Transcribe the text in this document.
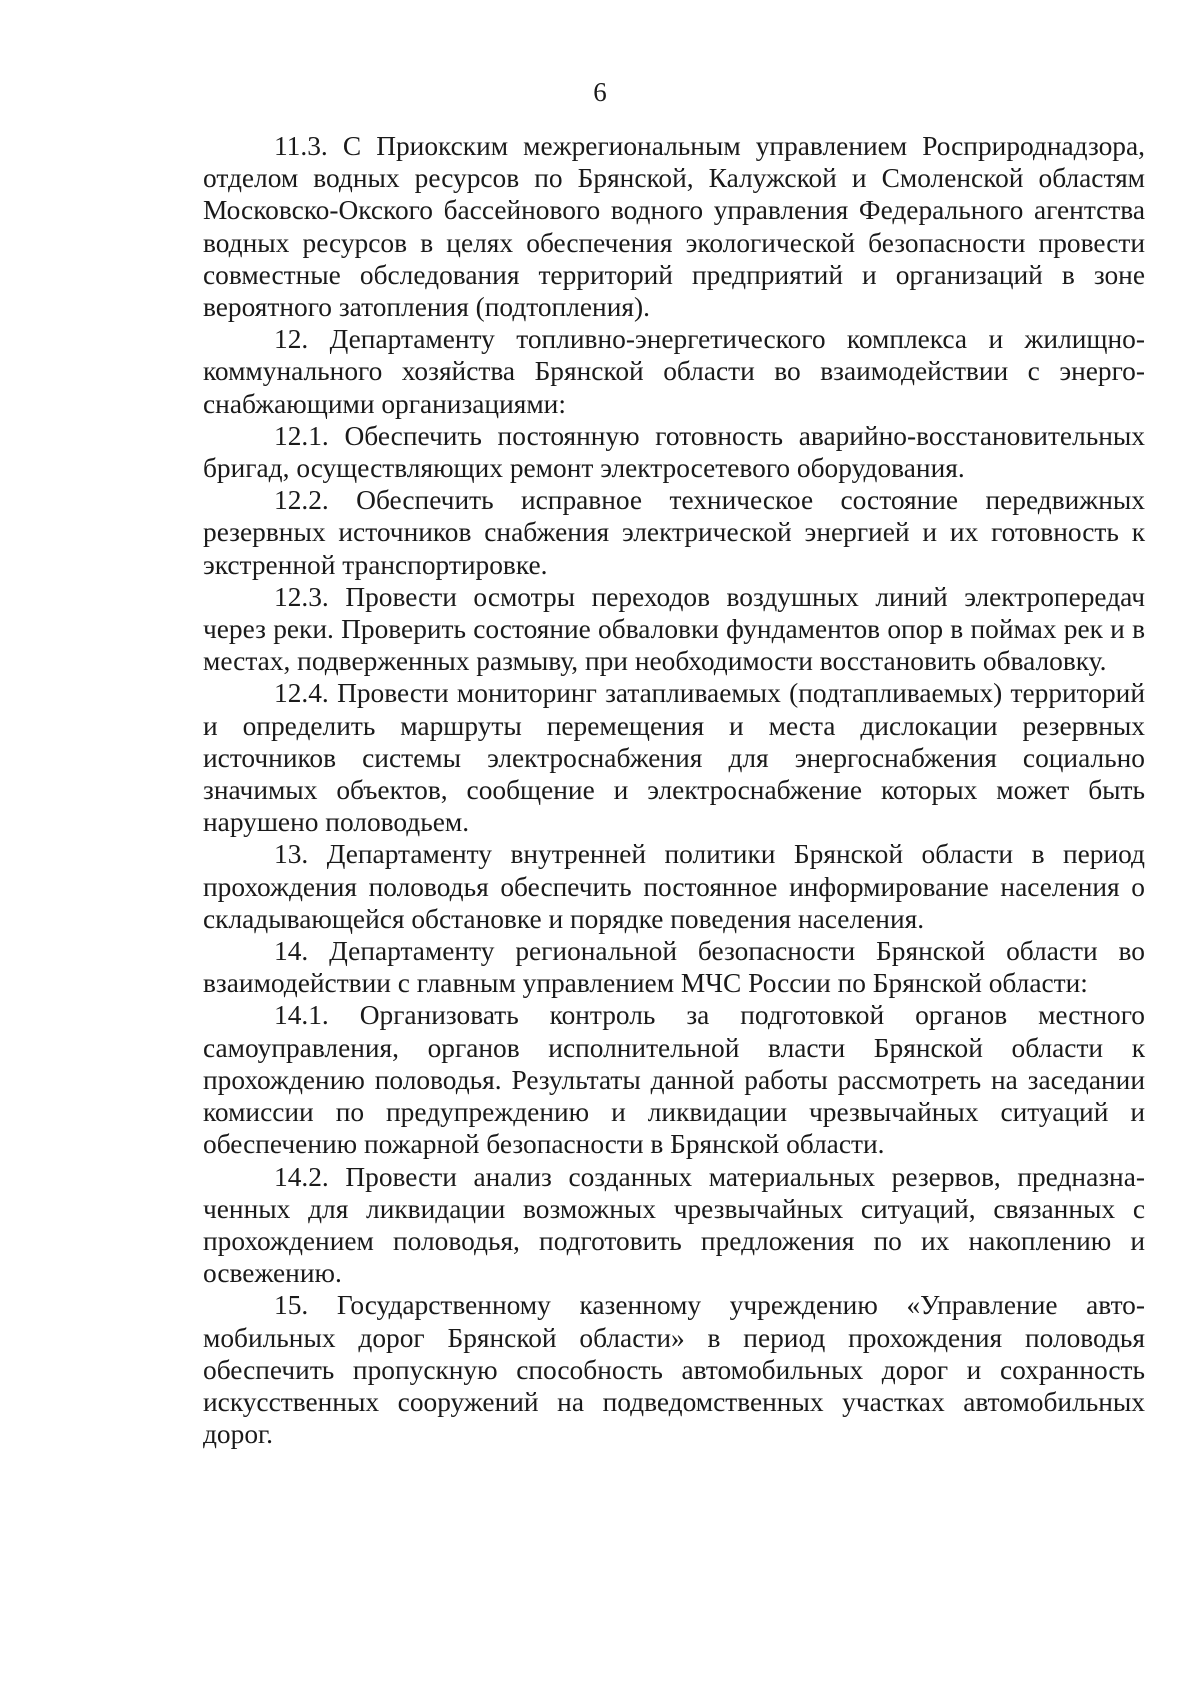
6

11.3. С Приокским межрегиональным управлением Росприроднадзора, отделом водных ресурсов по Брянской, Калужской и Смоленской областям Московско-Окского бассейнового водного управления Федерального агентства водных ресурсов в целях обеспечения экологической безопасности провести совместные обследования территорий предприятий и организаций в зоне вероятного затопления (подтопления).

12. Департаменту топливно-энергетического комплекса и жилищно-коммунального хозяйства Брянской области во взаимодействии с энергоснабжающими организациями:

12.1. Обеспечить постоянную готовность аварийно-восстановительных бригад, осуществляющих ремонт электросетевого оборудования.

12.2. Обеспечить исправное техническое состояние передвижных резервных источников снабжения электрической энергией и их готовность к экстренной транспортировке.

12.3. Провести осмотры переходов воздушных линий электропередач через реки. Проверить состояние обваловки фундаментов опор в поймах рек и в местах, подверженных размыву, при необходимости восстановить обваловку.

12.4. Провести мониторинг затапливаемых (подтапливаемых) территорий и определить маршруты перемещения и места дислокации резервных источников системы электроснабжения для энергоснабжения социально значимых объектов, сообщение и электроснабжение которых может быть нарушено половодьем.

13. Департаменту внутренней политики Брянской области в период прохождения половодья обеспечить постоянное информирование населения о складывающейся обстановке и порядке поведения населения.

14. Департаменту региональной безопасности Брянской области во взаимодействии с главным управлением МЧС России по Брянской области:

14.1. Организовать контроль за подготовкой органов местного самоуправления, органов исполнительной власти Брянской области к прохождению половодья. Результаты данной работы рассмотреть на заседании комиссии по предупреждению и ликвидации чрезвычайных ситуаций и обеспечению пожарной безопасности в Брянской области.

14.2. Провести анализ созданных материальных резервов, предназначенных для ликвидации возможных чрезвычайных ситуаций, связанных с прохождением половодья, подготовить предложения по их накоплению и освежению.

15. Государственному казенному учреждению «Управление автомобильных дорог Брянской области» в период прохождения половодья обеспечить пропускную способность автомобильных дорог и сохранность искусственных сооружений на подведомственных участках автомобильных дорог.
